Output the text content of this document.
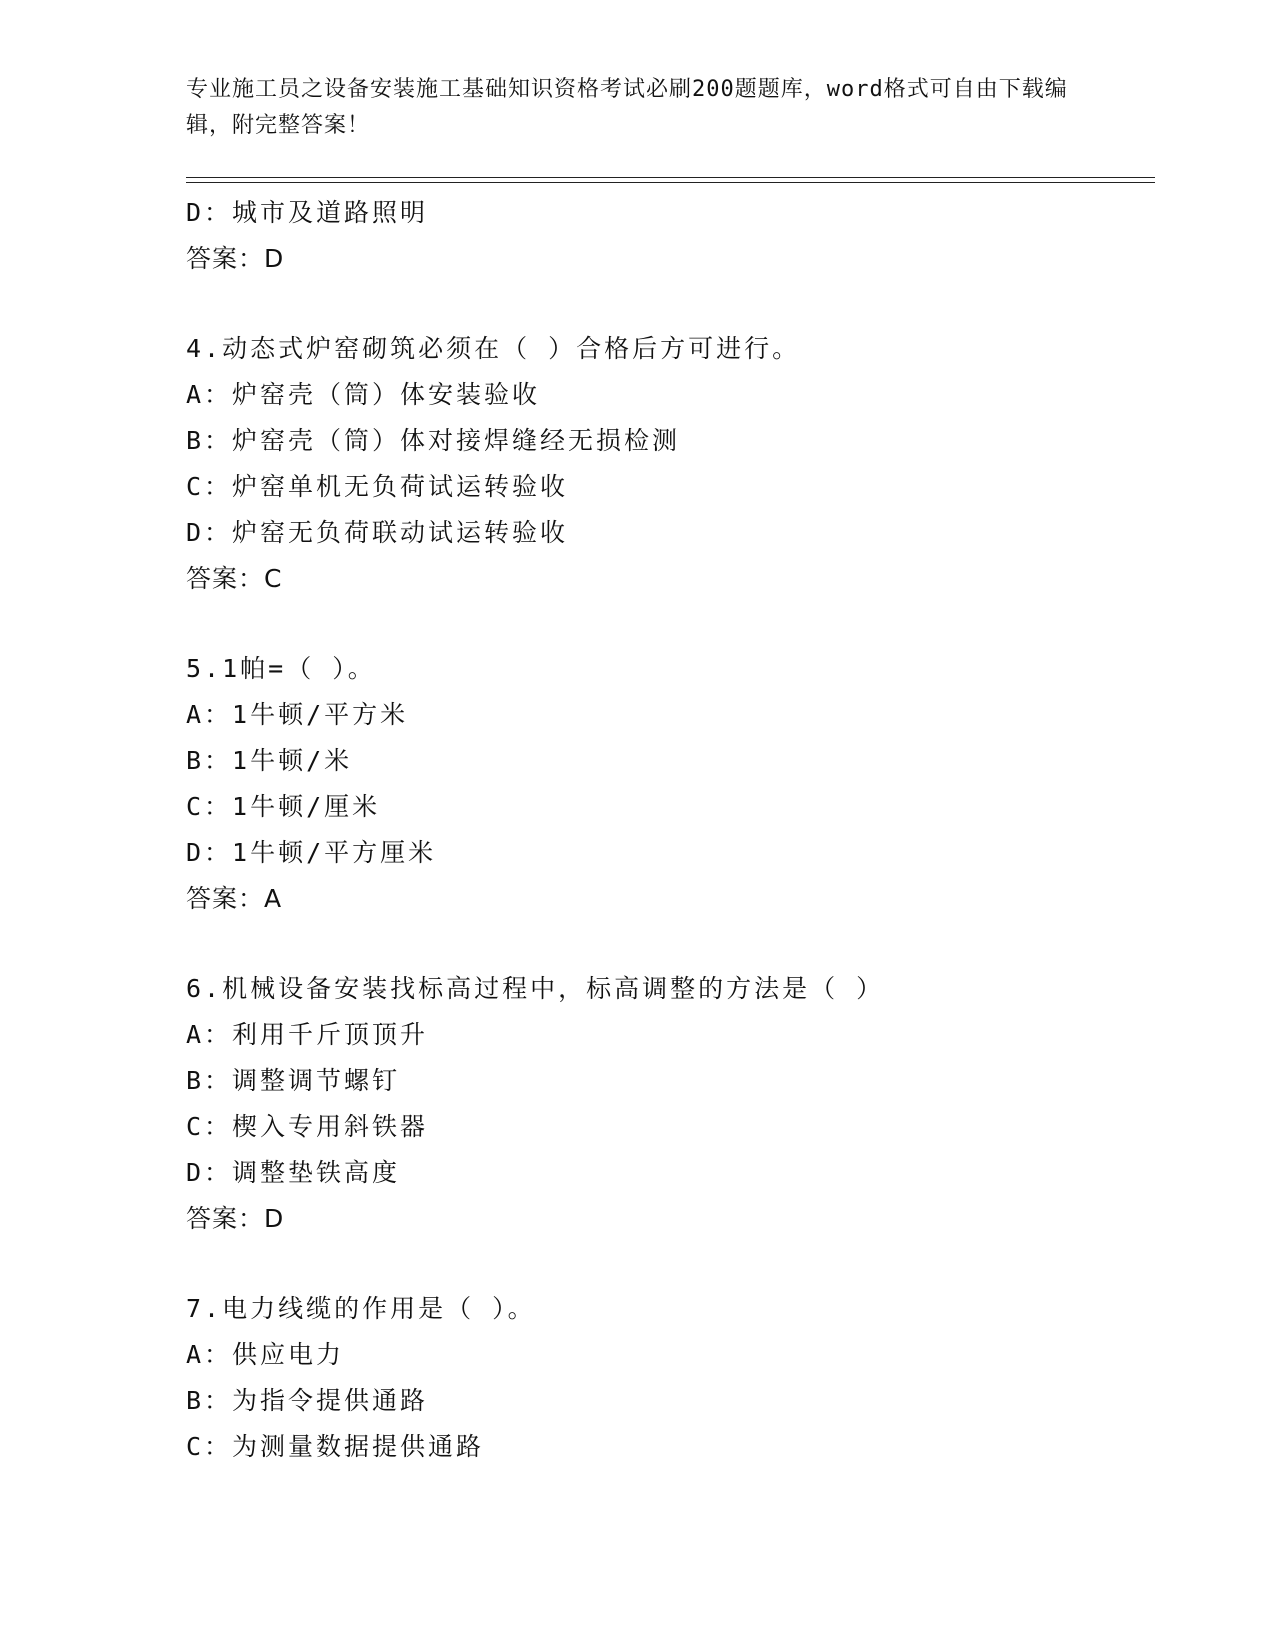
专业施工员之设备安装施工基础知识资格考试必刷200题题库，word格式可自由下载编辑，附完整答案！
D：城市及道路照明
答案：D
4.动态式炉窑砌筑必须在（ ）合格后方可进行。
A：炉窑壳（筒）体安装验收
B：炉窑壳（筒）体对接焊缝经无损检测
C：炉窑单机无负荷试运转验收
D：炉窑无负荷联动试运转验收
答案：C
5.1帕=（ ）。
A：1牛顿/平方米
B：1牛顿/米
C：1牛顿/厘米
D：1牛顿/平方厘米
答案：A
6.机械设备安装找标高过程中，标高调整的方法是（ ）
A：利用千斤顶顶升
B：调整调节螺钉
C：楔入专用斜铁器
D：调整垫铁高度
答案：D
7.电力线缆的作用是（ ）。
A：供应电力
B：为指令提供通路
C：为测量数据提供通路
